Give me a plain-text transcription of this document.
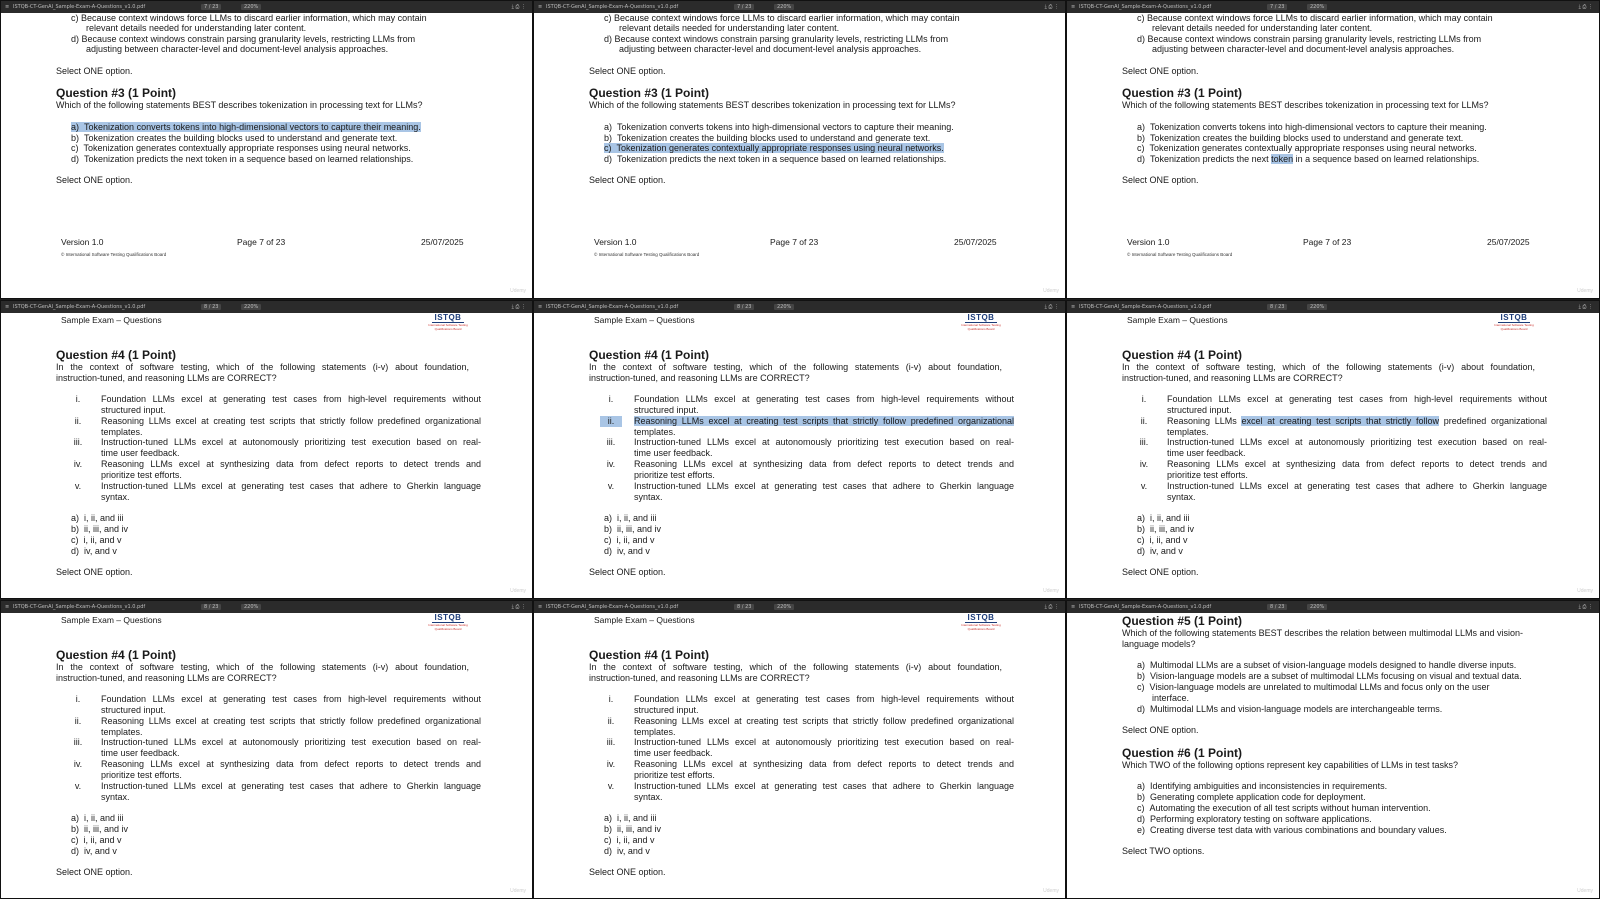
≡ ISTQB-CT-GenAI_Sample-Exam-A-Questions_v1.0.pdf	7 / 23	220%	⤓ ⎙ ⋮
c) Because context windows force LLMs to discard earlier information, which may contain
relevant details needed for understanding later content.
d) Because context windows constrain parsing granularity levels, restricting LLMs from
adjusting between character-level and document-level analysis approaches.
Select ONE option.
Question #3 (1 Point)
Which of the following statements BEST describes tokenization in processing text for LLMs?
a) Tokenization converts tokens into high-dimensional vectors to capture their meaning.
b) Tokenization creates the building blocks used to understand and generate text.
c) Tokenization generates contextually appropriate responses using neural networks.
d) Tokenization predicts the next token in a sequence based on learned relationships.
Select ONE option.
Version 1.0	Page 7 of 23	25/07/2025
© International Software Testing Qualifications Board
Udemy
≡ ISTQB-CT-GenAI_Sample-Exam-A-Questions_v1.0.pdf	7 / 23	220%	⤓ ⎙ ⋮
c) Because context windows force LLMs to discard earlier information, which may contain
relevant details needed for understanding later content.
d) Because context windows constrain parsing granularity levels, restricting LLMs from
adjusting between character-level and document-level analysis approaches.
Select ONE option.
Question #3 (1 Point)
Which of the following statements BEST describes tokenization in processing text for LLMs?
a) Tokenization converts tokens into high-dimensional vectors to capture their meaning.
b) Tokenization creates the building blocks used to understand and generate text.
c) Tokenization generates contextually appropriate responses using neural networks.
d) Tokenization predicts the next token in a sequence based on learned relationships.
Select ONE option.
Version 1.0	Page 7 of 23	25/07/2025
© International Software Testing Qualifications Board
Udemy
≡ ISTQB-CT-GenAI_Sample-Exam-A-Questions_v1.0.pdf	7 / 23	220%	⤓ ⎙ ⋮
c) Because context windows force LLMs to discard earlier information, which may contain
relevant details needed for understanding later content.
d) Because context windows constrain parsing granularity levels, restricting LLMs from
adjusting between character-level and document-level analysis approaches.
Select ONE option.
Question #3 (1 Point)
Which of the following statements BEST describes tokenization in processing text for LLMs?
a) Tokenization converts tokens into high-dimensional vectors to capture their meaning.
b) Tokenization creates the building blocks used to understand and generate text.
c) Tokenization generates contextually appropriate responses using neural networks.
d) Tokenization predicts the next token in a sequence based on learned relationships.
Select ONE option.
Version 1.0	Page 7 of 23	25/07/2025
© International Software Testing Qualifications Board
Udemy
≡ ISTQB-CT-GenAI_Sample-Exam-A-Questions_v1.0.pdf	8 / 23	220%	⤓ ⎙ ⋮
Sample Exam – Questions	ISTQB
International Software Testing Qualifications Board
Question #4 (1 Point)
In the context of software testing, which of the following statements (i-v) about foundation,
instruction-tuned, and reasoning LLMs are CORRECT?
i.	Foundation LLMs excel at generating test cases from high-level requirements without
structured input.
ii.	Reasoning LLMs excel at creating test scripts that strictly follow predefined organizational
templates.
iii.	Instruction-tuned LLMs excel at autonomously prioritizing test execution based on real-
time user feedback.
iv.	Reasoning LLMs excel at synthesizing data from defect reports to detect trends and
prioritize test efforts.
v.	Instruction-tuned LLMs excel at generating test cases that adhere to Gherkin language
syntax.
a) i, ii, and iii
b) ii, iii, and iv
c) i, ii, and v
d) iv, and v
Select ONE option.
Udemy
≡ ISTQB-CT-GenAI_Sample-Exam-A-Questions_v1.0.pdf	8 / 23	220%	⤓ ⎙ ⋮
Sample Exam – Questions	ISTQB
International Software Testing Qualifications Board
Question #4 (1 Point)
In the context of software testing, which of the following statements (i-v) about foundation,
instruction-tuned, and reasoning LLMs are CORRECT?
i.	Foundation LLMs excel at generating test cases from high-level requirements without
structured input.
ii.	Reasoning LLMs excel at creating test scripts that strictly follow predefined organizational
templates.
iii.	Instruction-tuned LLMs excel at autonomously prioritizing test execution based on real-
time user feedback.
iv.	Reasoning LLMs excel at synthesizing data from defect reports to detect trends and
prioritize test efforts.
v.	Instruction-tuned LLMs excel at generating test cases that adhere to Gherkin language
syntax.
a) i, ii, and iii
b) ii, iii, and iv
c) i, ii, and v
d) iv, and v
Select ONE option.
Udemy
≡ ISTQB-CT-GenAI_Sample-Exam-A-Questions_v1.0.pdf	8 / 23	220%	⤓ ⎙ ⋮
Sample Exam – Questions	ISTQB
International Software Testing Qualifications Board
Question #4 (1 Point)
In the context of software testing, which of the following statements (i-v) about foundation,
instruction-tuned, and reasoning LLMs are CORRECT?
i.	Foundation LLMs excel at generating test cases from high-level requirements without
structured input.
ii.	Reasoning LLMs excel at creating test scripts that strictly follow predefined organizational
templates.
iii.	Instruction-tuned LLMs excel at autonomously prioritizing test execution based on real-
time user feedback.
iv.	Reasoning LLMs excel at synthesizing data from defect reports to detect trends and
prioritize test efforts.
v.	Instruction-tuned LLMs excel at generating test cases that adhere to Gherkin language
syntax.
a) i, ii, and iii
b) ii, iii, and iv
c) i, ii, and v
d) iv, and v
Select ONE option.
Udemy
≡ ISTQB-CT-GenAI_Sample-Exam-A-Questions_v1.0.pdf	8 / 23	220%	⤓ ⎙ ⋮
Sample Exam – Questions	ISTQB
International Software Testing Qualifications Board
Question #4 (1 Point)
In the context of software testing, which of the following statements (i-v) about foundation,
instruction-tuned, and reasoning LLMs are CORRECT?
i.	Foundation LLMs excel at generating test cases from high-level requirements without
structured input.
ii.	Reasoning LLMs excel at creating test scripts that strictly follow predefined organizational
templates.
iii.	Instruction-tuned LLMs excel at autonomously prioritizing test execution based on real-
time user feedback.
iv.	Reasoning LLMs excel at synthesizing data from defect reports to detect trends and
prioritize test efforts.
v.	Instruction-tuned LLMs excel at generating test cases that adhere to Gherkin language
syntax.
a) i, ii, and iii
b) ii, iii, and iv
c) i, ii, and v
d) iv, and v
Select ONE option.
Udemy
≡ ISTQB-CT-GenAI_Sample-Exam-A-Questions_v1.0.pdf	8 / 23	220%	⤓ ⎙ ⋮
Sample Exam – Questions	ISTQB
International Software Testing Qualifications Board
Question #4 (1 Point)
In the context of software testing, which of the following statements (i-v) about foundation,
instruction-tuned, and reasoning LLMs are CORRECT?
i.	Foundation LLMs excel at generating test cases from high-level requirements without
structured input.
ii.	Reasoning LLMs excel at creating test scripts that strictly follow predefined organizational
templates.
iii.	Instruction-tuned LLMs excel at autonomously prioritizing test execution based on real-
time user feedback.
iv.	Reasoning LLMs excel at synthesizing data from defect reports to detect trends and
prioritize test efforts.
v.	Instruction-tuned LLMs excel at generating test cases that adhere to Gherkin language
syntax.
a) i, ii, and iii
b) ii, iii, and iv
c) i, ii, and v
d) iv, and v
Select ONE option.
Udemy
≡ ISTQB-CT-GenAI_Sample-Exam-A-Questions_v1.0.pdf	8 / 23	220%	⤓ ⎙ ⋮
Question #5 (1 Point)
Which of the following statements BEST describes the relation between multimodal LLMs and vision-
language models?
a) Multimodal LLMs are a subset of vision-language models designed to handle diverse inputs.
b) Vision-language models are a subset of multimodal LLMs focusing on visual and textual data.
c) Vision-language models are unrelated to multimodal LLMs and focus only on the user
interface.
d) Multimodal LLMs and vision-language models are interchangeable terms.
Select ONE option.
Question #6 (1 Point)
Which TWO of the following options represent key capabilities of LLMs in test tasks?
a) Identifying ambiguities and inconsistencies in requirements.
b) Generating complete application code for deployment.
c) Automating the execution of all test scripts without human intervention.
d) Performing exploratory testing on software applications.
e) Creating diverse test data with various combinations and boundary values.
Select TWO options.
Udemy
